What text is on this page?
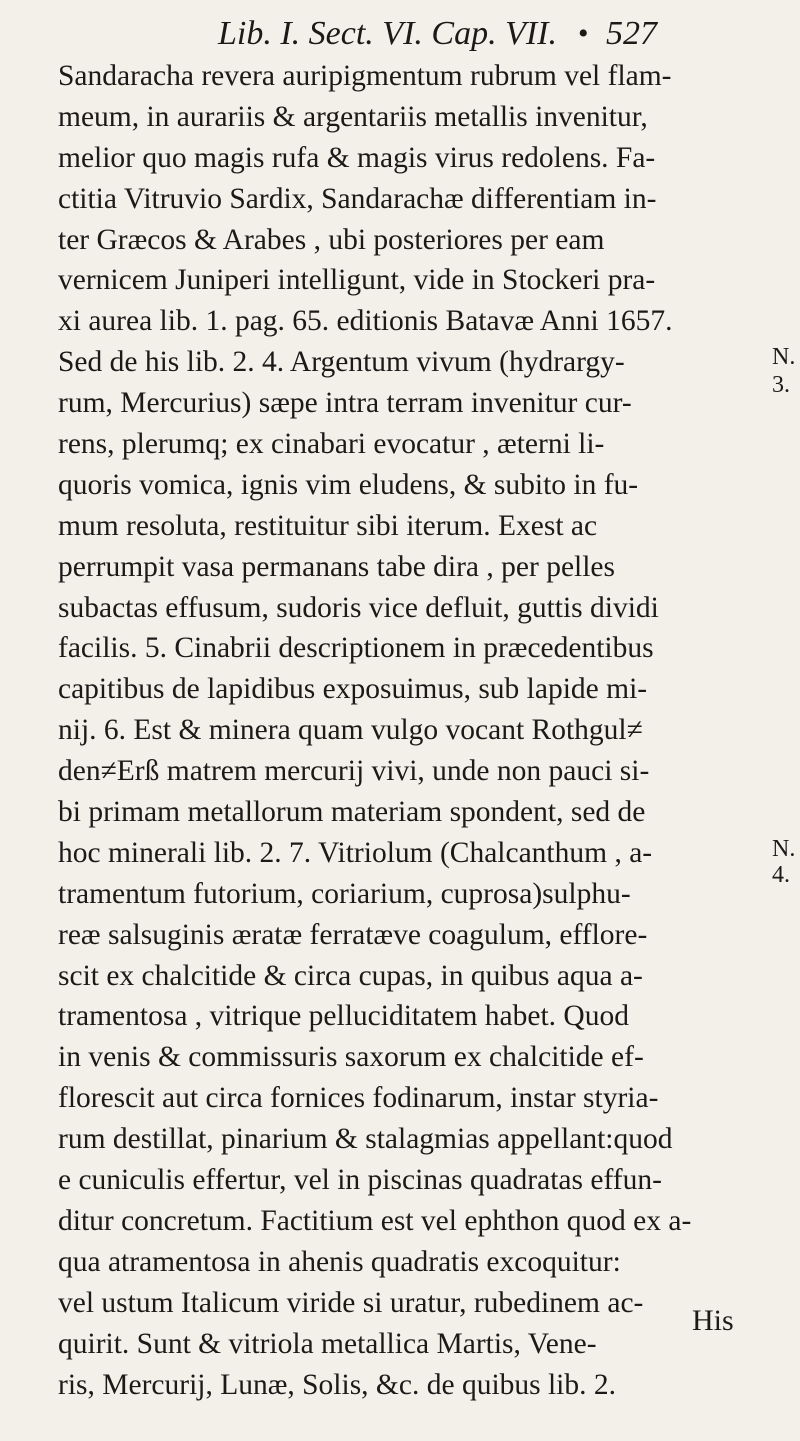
Lib. I. Sect. VI. Cap. VII. • 527
Sandaracha revera auripigmentum rubrum vel flam-
meum, in aurariis & argentariis metallis invenitur,
melior quo magis rufa & magis virus redolens. Fa-
ctitia Vitruvio Sardix, Sandarachæ differentiam in-
ter Græcos & Arabes , ubi posteriores per eam
vernicem Juniperi intelligunt, vide in Stockeri pra-
xi aurea lib. 1. pag. 65. editionis Batavæ Anni 1657.
Sed de his lib. 2. 4. Argentum vivum (hydrargy-
rum, Mercurius) sæpe intra terram invenitur cur-
rens, plerumq; ex cinabari evocatur , æterni li-
quoris vomica, ignis vim eludens, & subito in fu-
mum resoluta, restituitur sibi iterum. Exest ac
perrumpit vasa permanans tabe dira , per pelles
subactas effusum, sudoris vice defluit, guttis dividi
facilis. 5. Cinabrii descriptionem in præcedentibus
capitibus de lapidibus exposuimus, sub lapide mi-
nij. 6. Est & minera quam vulgo vocant Rothgul≠
den≠Erß matrem mercurij vivi, unde non pauci si-
bi primam metallorum materiam spondent, sed de
hoc minerali lib. 2. 7. Vitriolum (Chalcanthum , a-
tramentum futorium, coriarium, cuprosa)sulphu-
reæ salsuginis æratæ ferratæve coagulum, efflore-
scit ex chalcitide & circa cupas, in quibus aqua a-
tramentosa , vitrique pelluciditatem habet. Quod
in venis & commissuris saxorum ex chalcitide ef-
florescit aut circa fornices fodinarum, instar styria-
rum destillat, pinarium & stalagmias appellant:quod
e cuniculis effertur, vel in piscinas quadratas effun-
ditur concretum. Factitium est vel ephthon quod ex a-
qua atramentosa in ahenis quadratis excoquitur:
vel ustum Italicum viride si uratur, rubedinem ac-
quirit. Sunt & vitriola metallica Martis, Vene-
ris, Mercurij, Lunæ, Solis, &c. de quibus lib. 2.
N.
3.
N.
4.
His
